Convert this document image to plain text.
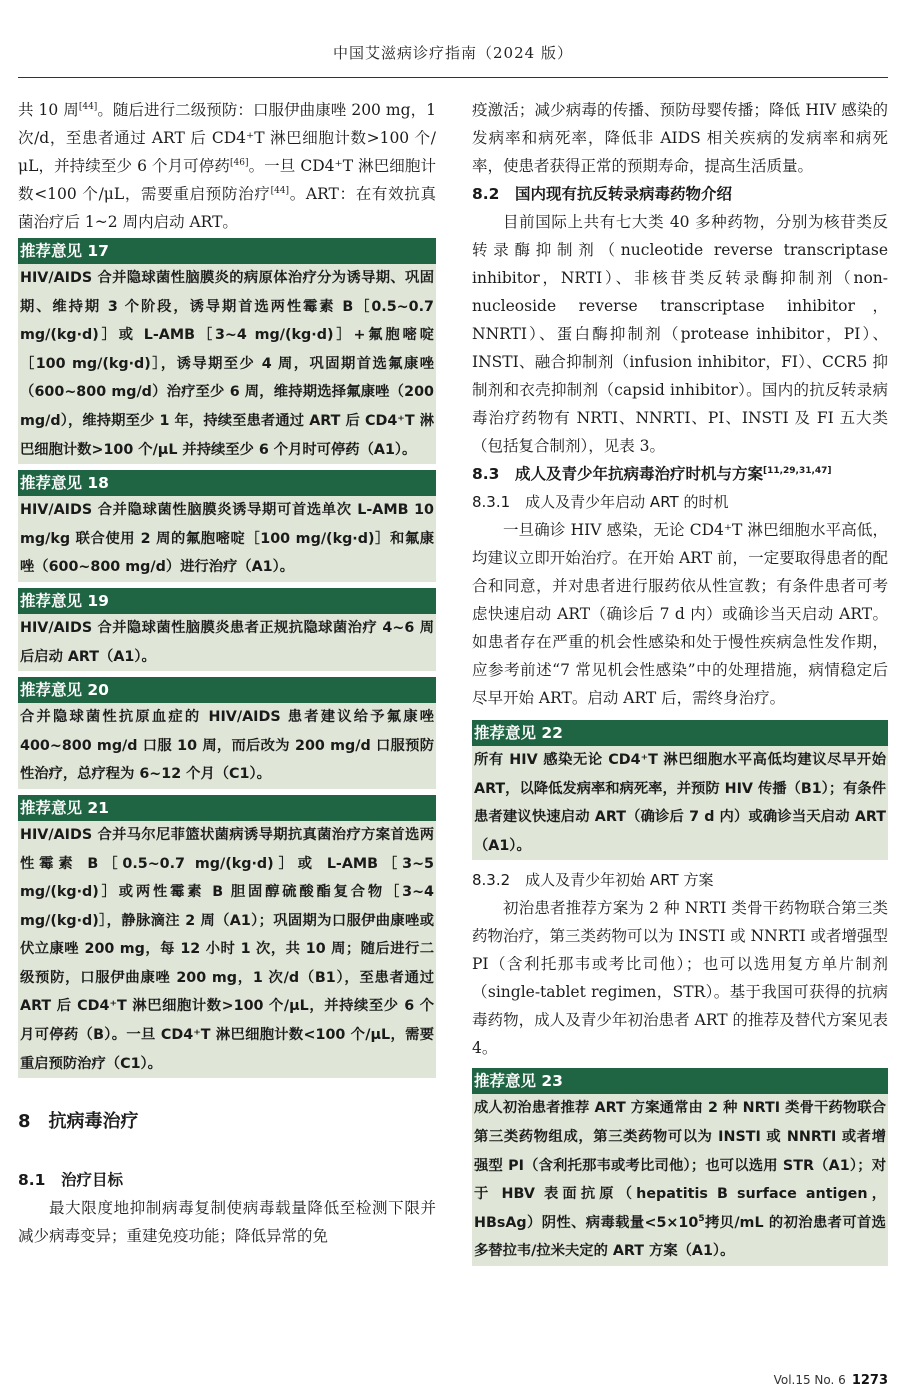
中国艾滋病诊疗指南（2024 版）

共 10 周[44]。随后进行二级预防：口服伊曲康唑 200 mg，1 次/d，至患者通过 ART 后 CD4⁺T 淋巴细胞计数>100 个/μL，并持续至少 6 个月可停药[46]。一旦 CD4⁺T 淋巴细胞计数<100 个/μL，需要重启预防治疗[44]。ART：在有效抗真菌治疗后 1~2 周内启动 ART。

推荐意见 17
HIV/AIDS 合并隐球菌性脑膜炎的病原体治疗分为诱导期、巩固期、维持期 3 个阶段，诱导期首选两性霉素 B［0.5~0.7 mg/(kg·d)］或 L-AMB［3~4 mg/(kg·d)］+氟胞嘧啶［100 mg/(kg·d)］，诱导期至少 4 周，巩固期首选氟康唑（600~800 mg/d）治疗至少 6 周，维持期选择氟康唑（200 mg/d），维持期至少 1 年，持续至患者通过 ART 后 CD4⁺T 淋巴细胞计数>100 个/μL 并持续至少 6 个月时可停药（A1）。
推荐意见 18
HIV/AIDS 合并隐球菌性脑膜炎诱导期可首选单次 L-AMB 10 mg/kg 联合使用 2 周的氟胞嘧啶［100 mg/(kg·d)］和氟康唑（600~800 mg/d）进行治疗（A1）。
推荐意见 19
HIV/AIDS 合并隐球菌性脑膜炎患者正规抗隐球菌治疗 4~6 周后启动 ART（A1）。
推荐意见 20
合并隐球菌性抗原血症的 HIV/AIDS 患者建议给予氟康唑 400~800 mg/d 口服 10 周，而后改为 200 mg/d 口服预防性治疗，总疗程为 6~12 个月（C1）。
推荐意见 21
HIV/AIDS 合并马尔尼菲篮状菌病诱导期抗真菌治疗方案首选两性霉素 B［0.5~0.7 mg/(kg·d)］或 L-AMB［3~5 mg/(kg·d)］或两性霉素 B 胆固醇硫酸酯复合物［3~4 mg/(kg·d)］，静脉滴注 2 周（A1）；巩固期为口服伊曲康唑或伏立康唑 200 mg，每 12 小时 1 次，共 10 周；随后进行二级预防，口服伊曲康唑 200 mg，1 次/d（B1），至患者通过 ART 后 CD4⁺T 淋巴细胞计数>100 个/μL，并持续至少 6 个月可停药（B）。一旦 CD4⁺T 淋巴细胞计数<100 个/μL，需要重启预防治疗（C1）。
8　抗病毒治疗
8.1　治疗目标

最大限度地抑制病毒复制使病毒载量降低至检测下限并减少病毒变异；重建免疫功能；降低异常的免

疫激活；减少病毒的传播、预防母婴传播；降低 HIV 感染的发病率和病死率，降低非 AIDS 相关疾病的发病率和病死率，使患者获得正常的预期寿命，提高生活质量。

8.2　国内现有抗反转录病毒药物介绍

目前国际上共有七大类 40 多种药物，分别为核苷类反转录酶抑制剂（nucleotide reverse transcriptase inhibitor，NRTI）、非核苷类反转录酶抑制剂（non-nucleoside reverse transcriptase inhibitor，NNRTI）、蛋白酶抑制剂（protease inhibitor，PI）、INSTI、融合抑制剂（infusion inhibitor，FI）、CCR5 抑制剂和衣壳抑制剂（capsid inhibitor）。国内的抗反转录病毒治疗药物有 NRTI、NNRTI、PI、INSTI 及 FI 五大类（包括复合制剂），见表 3。

8.3　成人及青少年抗病毒治疗时机与方案[11,29,31,47]
8.3.1　成人及青少年启动 ART 的时机

一旦确诊 HIV 感染，无论 CD4⁺T 淋巴细胞水平高低，均建议立即开始治疗。在开始 ART 前，一定要取得患者的配合和同意，并对患者进行服药依从性宣教；有条件患者可考虑快速启动 ART（确诊后 7 d 内）或确诊当天启动 ART。如患者存在严重的机会性感染和处于慢性疾病急性发作期，应参考前述“7 常见机会性感染”中的处理措施，病情稳定后尽早开始 ART。启动 ART 后，需终身治疗。

推荐意见 22
所有 HIV 感染无论 CD4⁺T 淋巴细胞水平高低均建议尽早开始 ART，以降低发病率和病死率，并预防 HIV 传播（B1）；有条件患者建议快速启动 ART（确诊后 7 d 内）或确诊当天启动 ART（A1）。
8.3.2　成人及青少年初始 ART 方案

初治患者推荐方案为 2 种 NRTI 类骨干药物联合第三类药物治疗，第三类药物可以为 INSTI 或 NNRTI 或者增强型 PI（含利托那韦或考比司他）；也可以选用复方单片制剂（single-tablet regimen，STR）。基于我国可获得的抗病毒药物，成人及青少年初治患者 ART 的推荐及替代方案见表 4。

推荐意见 23
成人初治患者推荐 ART 方案通常由 2 种 NRTI 类骨干药物联合第三类药物组成，第三类药物可以为 INSTI 或 NNRTI 或者增强型 PI（含利托那韦或考比司他）；也可以选用 STR（A1）；对于 HBV 表面抗原（hepatitis B surface antigen，HBsAg）阴性、病毒载量$<5\times 10^5$拷贝/mL 的初治患者可首选多替拉韦/拉米夫定的 ART 方案（A1）。
Vol.15 No. 6 1273
